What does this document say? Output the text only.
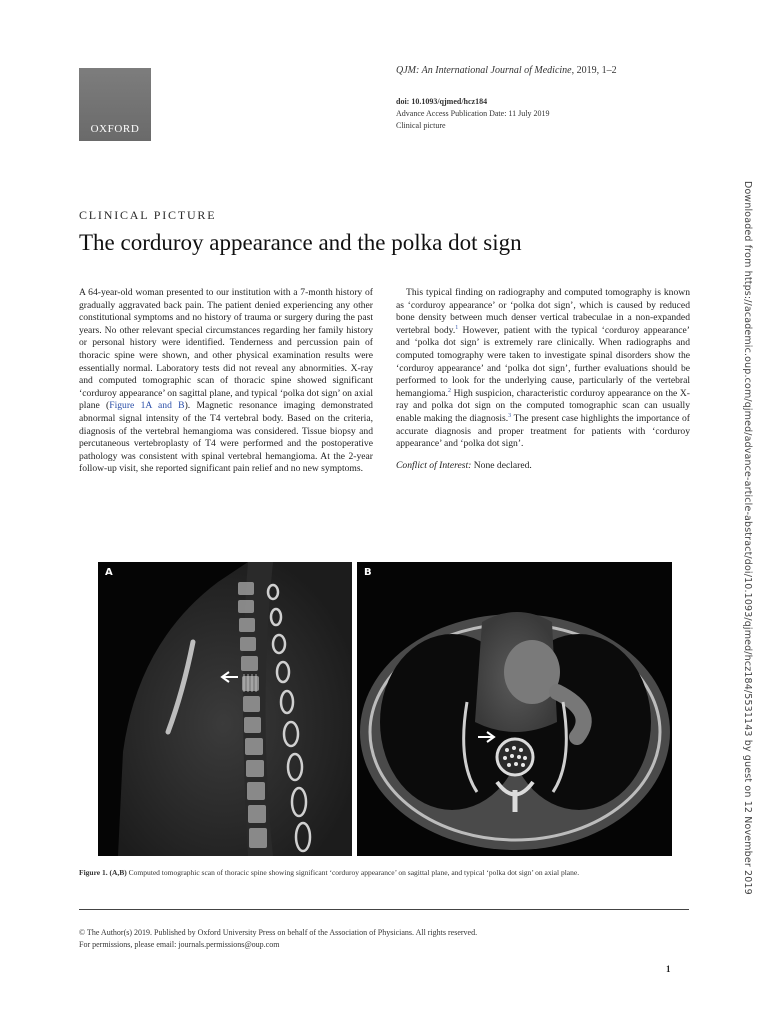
OXFORD
QJM: An International Journal of Medicine, 2019, 1–2
doi: 10.1093/qjmed/hcz184
Advance Access Publication Date: 11 July 2019
Clinical picture
Downloaded from https://academic.oup.com/qjmed/advance-article-abstract/doi/10.1093/qjmed/hcz184/5531143 by guest on 12 November 2019
CLINICAL PICTURE
The corduroy appearance and the polka dot sign

A 64-year-old woman presented to our institution with a 7-month history of gradually aggravated back pain. The patient denied experiencing any other constitutional symptoms and no history of trauma or surgery during the past years. No other relevant special circumstances regarding her family history or personal history were identified. Tenderness and percussion pain of thoracic spine were shown, and other physical examination results were essentially normal. Laboratory tests did not reveal any abnormities. X-ray and computed tomographic scan of thoracic spine showed significant ‘corduroy appearance’ on sagittal plane, and typical ‘polka dot sign’ on axial plane (Figure 1A and B). Magnetic resonance imaging demonstrated abnormal signal intensity of the T4 vertebral body. Based on the criteria, diagnosis of the vertebral hemangioma was considered. Tissue biopsy and percutaneous vertebroplasty of T4 were performed and the postoperative pathology was consistent with spinal vertebral hemangioma. At the 2-year follow-up visit, she reported significant pain relief and no new symptoms.

This typical finding on radiography and computed tomography is known as ‘corduroy appearance’ or ‘polka dot sign’, which is caused by reduced bone density between much denser vertical trabeculae in a non-expanded vertebral body.$^1$ However, patient with the typical ‘corduroy appearance’ and ‘polka dot sign’ is extremely rare clinically. When radiographs and computed tomography were taken to investigate spinal disorders show the ‘corduroy appearance’ and ‘polka dot sign’, further evaluations should be performed to look for the underlying cause, particularly of the vertebral hemangioma.$^2$ High suspicion, characteristic corduroy appearance on the X-ray and polka dot sign on the computed tomographic scan can usually enable making the diagnosis.$^3$ The present case highlights the importance of accurate diagnosis and proper treatment for patients with ‘corduroy appearance’ and ‘polka dot sign’.

Conflict of Interest: None declared.

A	B
Figure 1. (A,B) Computed tomographic scan of thoracic spine showing significant ‘corduroy appearance’ on sagittal plane, and typical ‘polka dot sign’ on axial plane.
© The Author(s) 2019. Published by Oxford University Press on behalf of the Association of Physicians. All rights reserved.
For permissions, please email: journals.permissions@oup.com
1
